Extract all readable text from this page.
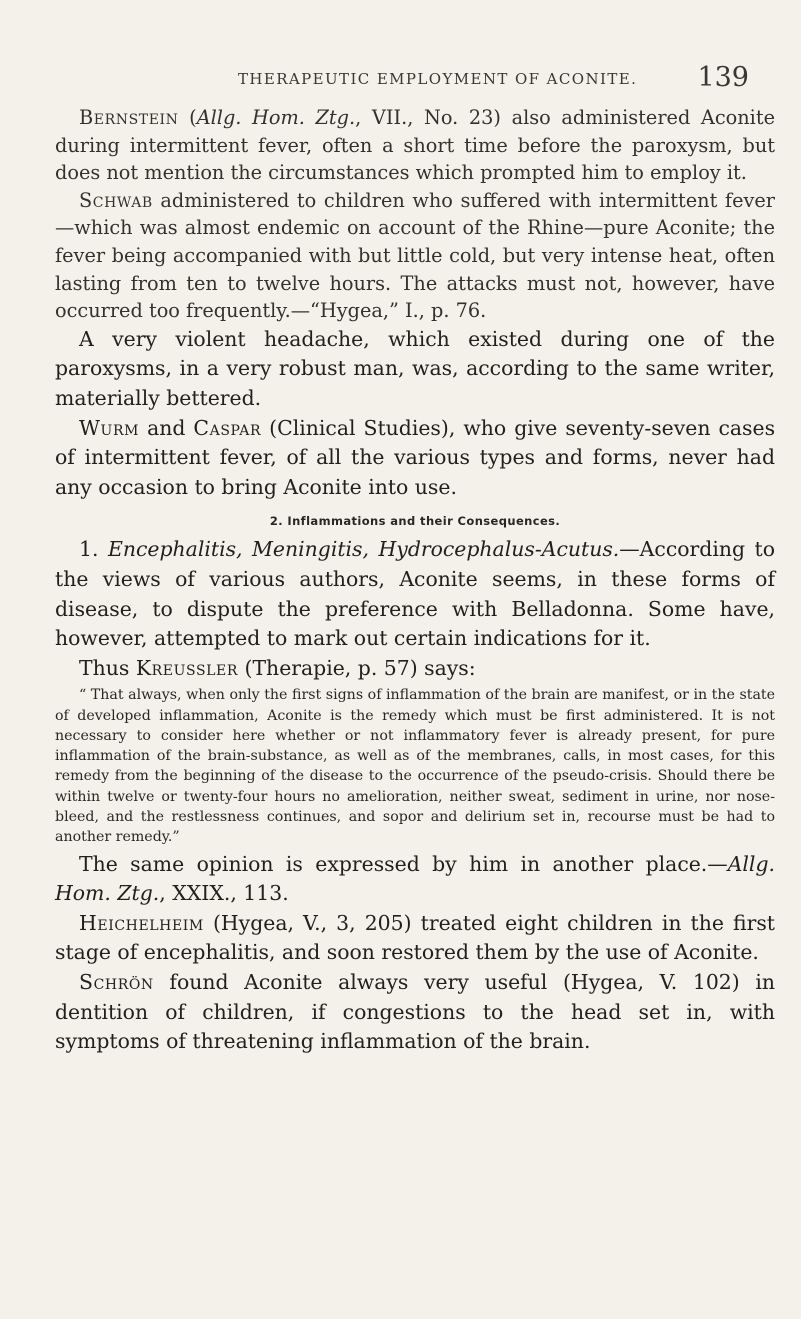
THERAPEUTIC EMPLOYMENT OF ACONITE. 139

Bernstein (Allg. Hom. Ztg., VII., No. 23) also administered Aconite during intermittent fever, often a short time before the paroxysm, but does not mention the circumstances which prompted him to employ it.

Schwab administered to children who suffered with intermittent fever—which was almost endemic on account of the Rhine—pure Aconite; the fever being accompanied with but little cold, but very intense heat, often lasting from ten to twelve hours. The attacks must not, however, have occurred too frequently.—“Hygea,” I., p. 76.

A very violent headache, which existed during one of the paroxysms, in a very robust man, was, according to the same writer, materially bettered.

Wurm and Caspar (Clinical Studies), who give seventy-seven cases of intermittent fever, of all the various types and forms, never had any occasion to bring Aconite into use.

2. Inflammations and their Consequences.

1. Encephalitis, Meningitis, Hydrocephalus-Acutus.—According to the views of various authors, Aconite seems, in these forms of disease, to dispute the preference with Belladonna. Some have, however, attempted to mark out certain indications for it.

Thus Kreussler (Therapie, p. 57) says:

“ That always, when only the first signs of inflammation of the brain are manifest, or in the state of developed inflammation, Aconite is the remedy which must be first administered. It is not necessary to consider here whether or not inflammatory fever is already present, for pure inflammation of the brain-substance, as well as of the membranes, calls, in most cases, for this remedy from the beginning of the disease to the occurrence of the pseudo-crisis. Should there be within twelve or twenty-four hours no amelioration, neither sweat, sediment in urine, nor nose-bleed, and the restlessness continues, and sopor and delirium set in, recourse must be had to another remedy.”

The same opinion is expressed by him in another place.—Allg. Hom. Ztg., XXIX., 113.

Heichelheim (Hygea, V., 3, 205) treated eight children in the first stage of encephalitis, and soon restored them by the use of Aconite.

Schrön found Aconite always very useful (Hygea, V. 102) in dentition of children, if congestions to the head set in, with symptoms of threatening inflammation of the brain.
